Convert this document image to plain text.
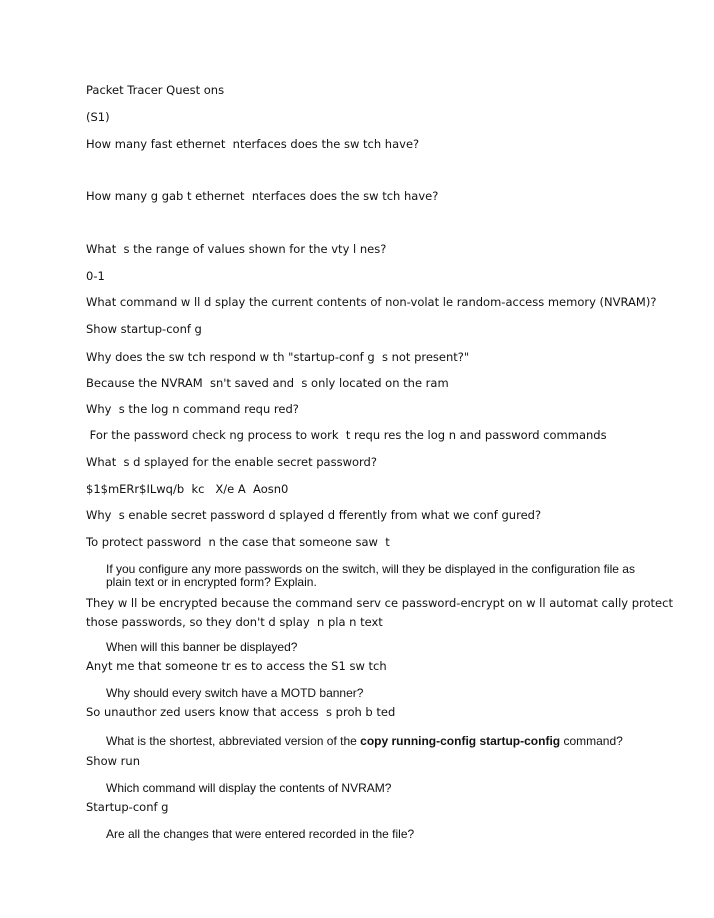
Packet Tracer Quest ons

(S1)

How many fast ethernet  nterfaces does the sw tch have?

How many g gab t ethernet  nterfaces does the sw tch have?

What  s the range of values shown for the vty l nes?

0-1

What command w ll d splay the current contents of non-volat le random-access memory (NVRAM)?

Show startup-conf g

Why does the sw tch respond w th "startup-conf g  s not present?"

Because the NVRAM  sn't saved and  s only located on the ram

Why  s the log n command requ red?

For the password check ng process to work  t requ res the log n and password commands

What  s d splayed for the enable secret password?

$1$mERr$ILwq/b  kc   X/e A  Aosn0

Why  s enable secret password d splayed d fferently from what we conf gured?

To protect password  n the case that someone saw  t

If you configure any more passwords on the switch, will they be displayed in the configuration file as

plain text or in encrypted form? Explain.

They w ll be encrypted because the command serv ce password-encrypt on w ll automat cally protect

those passwords, so they don't d splay  n pla n text

When will this banner be displayed?

Anyt me that someone tr es to access the S1 sw tch

Why should every switch have a MOTD banner?

So unauthor zed users know that access  s proh b ted

What is the shortest, abbreviated version of the copy running-config startup-config command?

Show run

Which command will display the contents of NVRAM?

Startup-conf g

Are all the changes that were entered recorded in the file?
